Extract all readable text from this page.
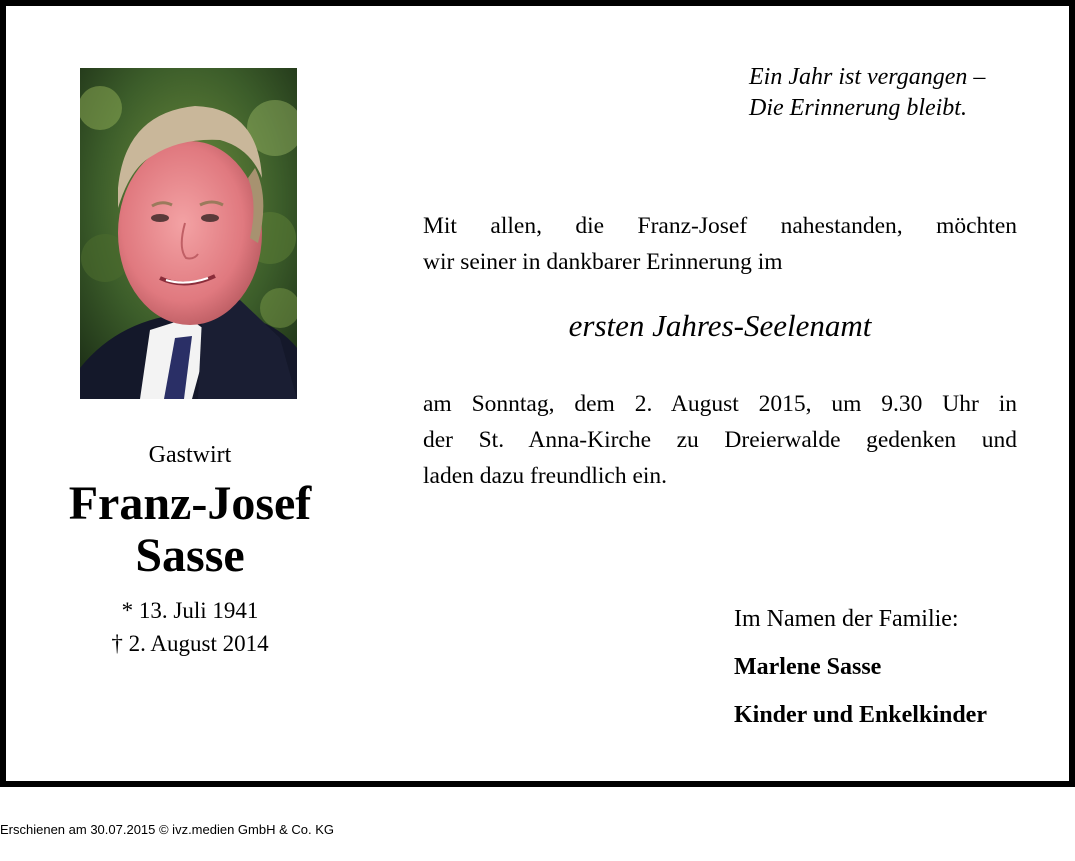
Gastwirt
Franz-Josef
Sasse
* 13. Juli 1941
† 2. August 2014
Ein Jahr ist vergangen –
Die Erinnerung bleibt.
Mit allen, die Franz-Josef nahestanden, möchten
wir seiner in dankbarer Erinnerung im
ersten Jahres-Seelenamt
am Sonntag, dem 2. August 2015, um 9.30 Uhr in
der St. Anna-Kirche zu Dreierwalde gedenken und
laden dazu freundlich ein.
Im Namen der Familie:
Marlene Sasse
Kinder und Enkelkinder
Erschienen am 30.07.2015 © ivz.medien GmbH & Co. KG
